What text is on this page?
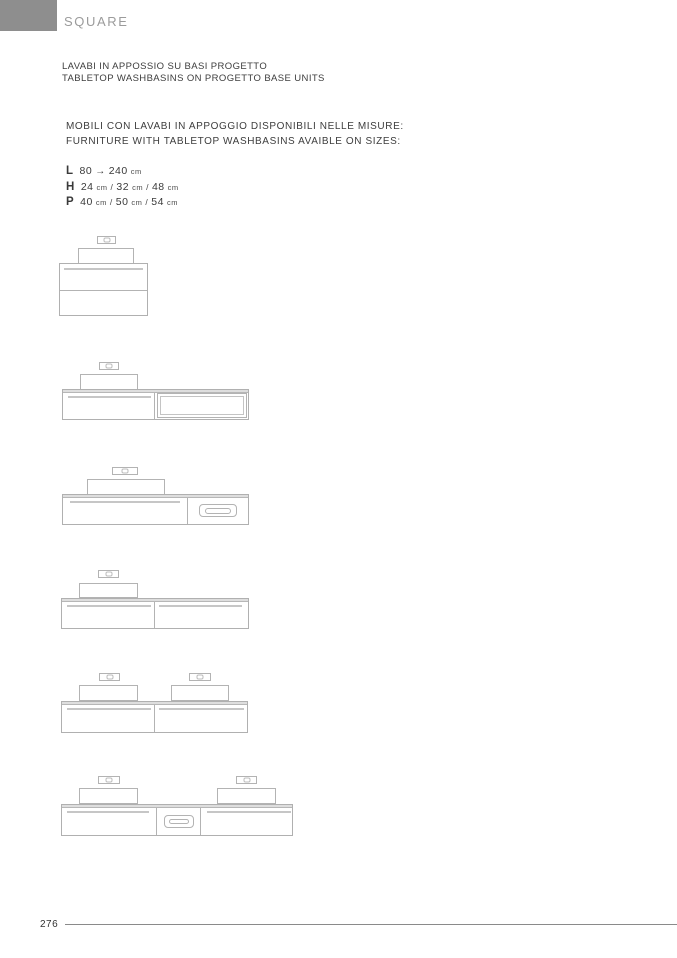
SQUARE
LAVABI IN APPOSSIO SU BASI PROGETTO
TABLETOP WASHBASINS ON PROGETTO BASE UNITS
MOBILI CON LAVABI IN APPOGGIO DISPONIBILI NELLE MISURE:
FURNITURE WITH TABLETOP WASHBASINS AVAIBLE ON SIZES:
L 80 → 240 cm
H 24 cm / 32 cm / 48 cm
P 40 cm / 50 cm / 54 cm
276
